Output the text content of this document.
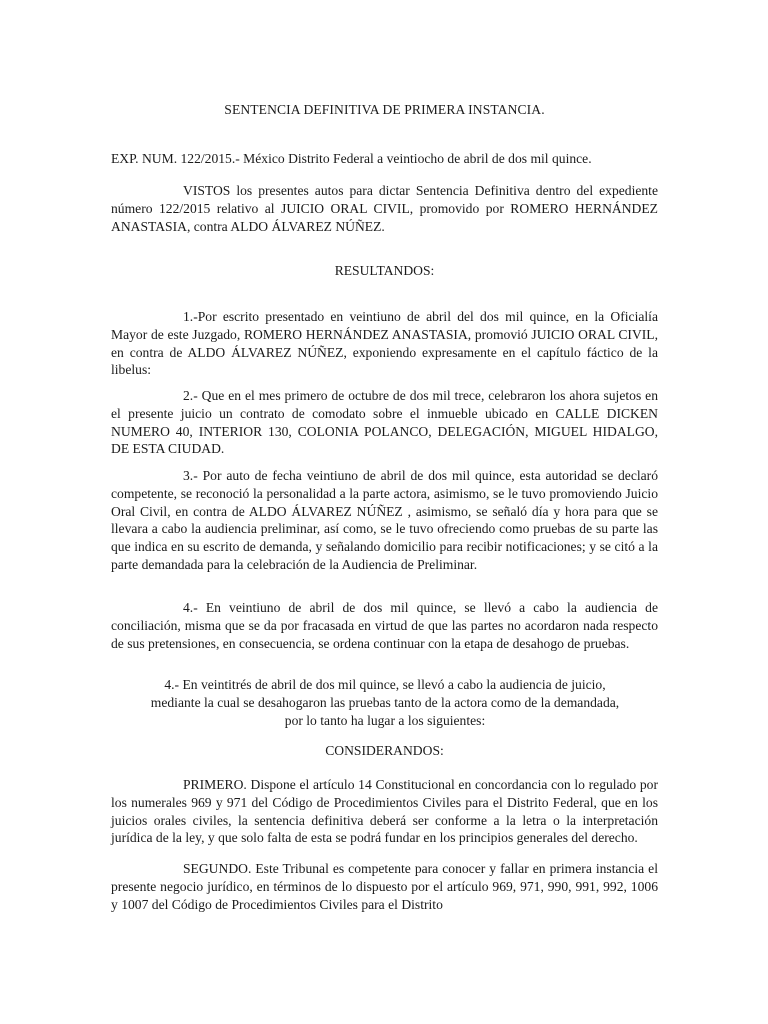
SENTENCIA DEFINITIVA DE PRIMERA INSTANCIA.

EXP. NUM. 122/2015.- México Distrito Federal a veintiocho de abril de dos mil quince.

VISTOS los presentes autos para dictar Sentencia Definitiva dentro del expediente número 122/2015 relativo al JUICIO ORAL CIVIL, promovido por ROMERO HERNÁNDEZ ANASTASIA, contra ALDO ÁLVAREZ NÚÑEZ.

RESULTANDOS:

1.-Por escrito presentado en veintiuno de abril del dos mil quince, en la Oficialía Mayor de este Juzgado, ROMERO HERNÁNDEZ ANASTASIA, promovió JUICIO ORAL CIVIL, en contra de ALDO ÁLVAREZ NÚÑEZ, exponiendo expresamente en el capítulo fáctico de la libelus:

2.- Que en el mes primero de octubre de dos mil trece, celebraron los ahora sujetos en el presente juicio un contrato de comodato sobre el inmueble ubicado en CALLE DICKEN NUMERO 40, INTERIOR 130, COLONIA POLANCO, DELEGACIÓN, MIGUEL HIDALGO, DE ESTA CIUDAD.

3.- Por auto de fecha veintiuno de abril de dos mil quince, esta autoridad se declaró competente, se reconoció la personalidad a la parte actora, asimismo, se le tuvo promoviendo Juicio Oral Civil, en contra de ALDO ÁLVAREZ NÚÑEZ , asimismo, se señaló día y hora para que se llevara a cabo la audiencia preliminar, así como, se le tuvo ofreciendo como pruebas de su parte las que indica en su escrito de demanda, y señalando domicilio para recibir notificaciones; y se citó a la parte demandada para la celebración de la Audiencia de Preliminar.

4.- En veintiuno de abril de dos mil quince, se llevó a cabo la audiencia de conciliación, misma que se da por fracasada en virtud de que las partes no acordaron nada respecto de sus pretensiones, en consecuencia, se ordena continuar con la etapa de desahogo de pruebas.

4.- En veintitrés de abril de dos mil quince, se llevó a cabo la audiencia de juicio,
mediante la cual se desahogaron las pruebas tanto de la actora como de la demandada,
por lo tanto ha lugar a los siguientes:
CONSIDERANDOS:

PRIMERO. Dispone el artículo 14 Constitucional en concordancia con lo regulado por los numerales 969 y 971 del Código de Procedimientos Civiles para el Distrito Federal, que en los juicios orales civiles, la sentencia definitiva deberá ser conforme a la letra o la interpretación jurídica de la ley, y que solo falta de esta se podrá fundar en los principios generales del derecho.

SEGUNDO. Este Tribunal es competente para conocer y fallar en primera instancia el presente negocio jurídico, en términos de lo dispuesto por el artículo 969, 971, 990, 991, 992, 1006 y 1007 del Código de Procedimientos Civiles para el Distrito
